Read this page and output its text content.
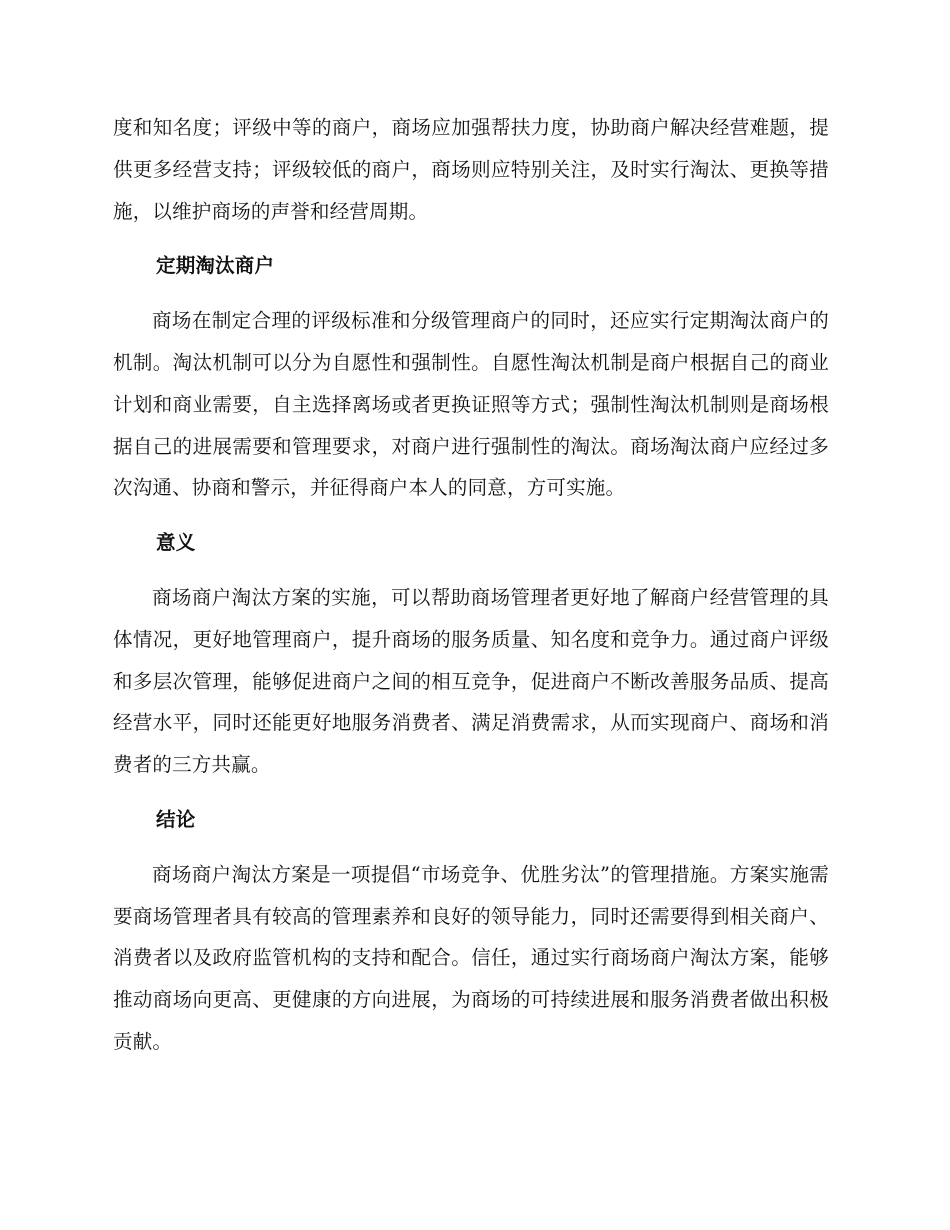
度和知名度；评级中等的商户，商场应加强帮扶力度，协助商户解决经营难题，提供更多经营支持；评级较低的商户，商场则应特别关注，及时实行淘汰、更换等措施，以维护商场的声誉和经营周期。

定期淘汰商户

商场在制定合理的评级标准和分级管理商户的同时，还应实行定期淘汰商户的机制。淘汰机制可以分为自愿性和强制性。自愿性淘汰机制是商户根据自己的商业计划和商业需要，自主选择离场或者更换证照等方式；强制性淘汰机制则是商场根据自己的进展需要和管理要求，对商户进行强制性的淘汰。商场淘汰商户应经过多次沟通、协商和警示，并征得商户本人的同意，方可实施。

意义

商场商户淘汰方案的实施，可以帮助商场管理者更好地了解商户经营管理的具体情况，更好地管理商户，提升商场的服务质量、知名度和竞争力。通过商户评级和多层次管理，能够促进商户之间的相互竞争，促进商户不断改善服务品质、提高经营水平，同时还能更好地服务消费者、满足消费需求，从而实现商户、商场和消费者的三方共赢。

结论

商场商户淘汰方案是一项提倡“市场竞争、优胜劣汰”的管理措施。方案实施需要商场管理者具有较高的管理素养和良好的领导能力，同时还需要得到相关商户、消费者以及政府监管机构的支持和配合。信任，通过实行商场商户淘汰方案，能够推动商场向更高、更健康的方向进展，为商场的可持续进展和服务消费者做出积极贡献。
